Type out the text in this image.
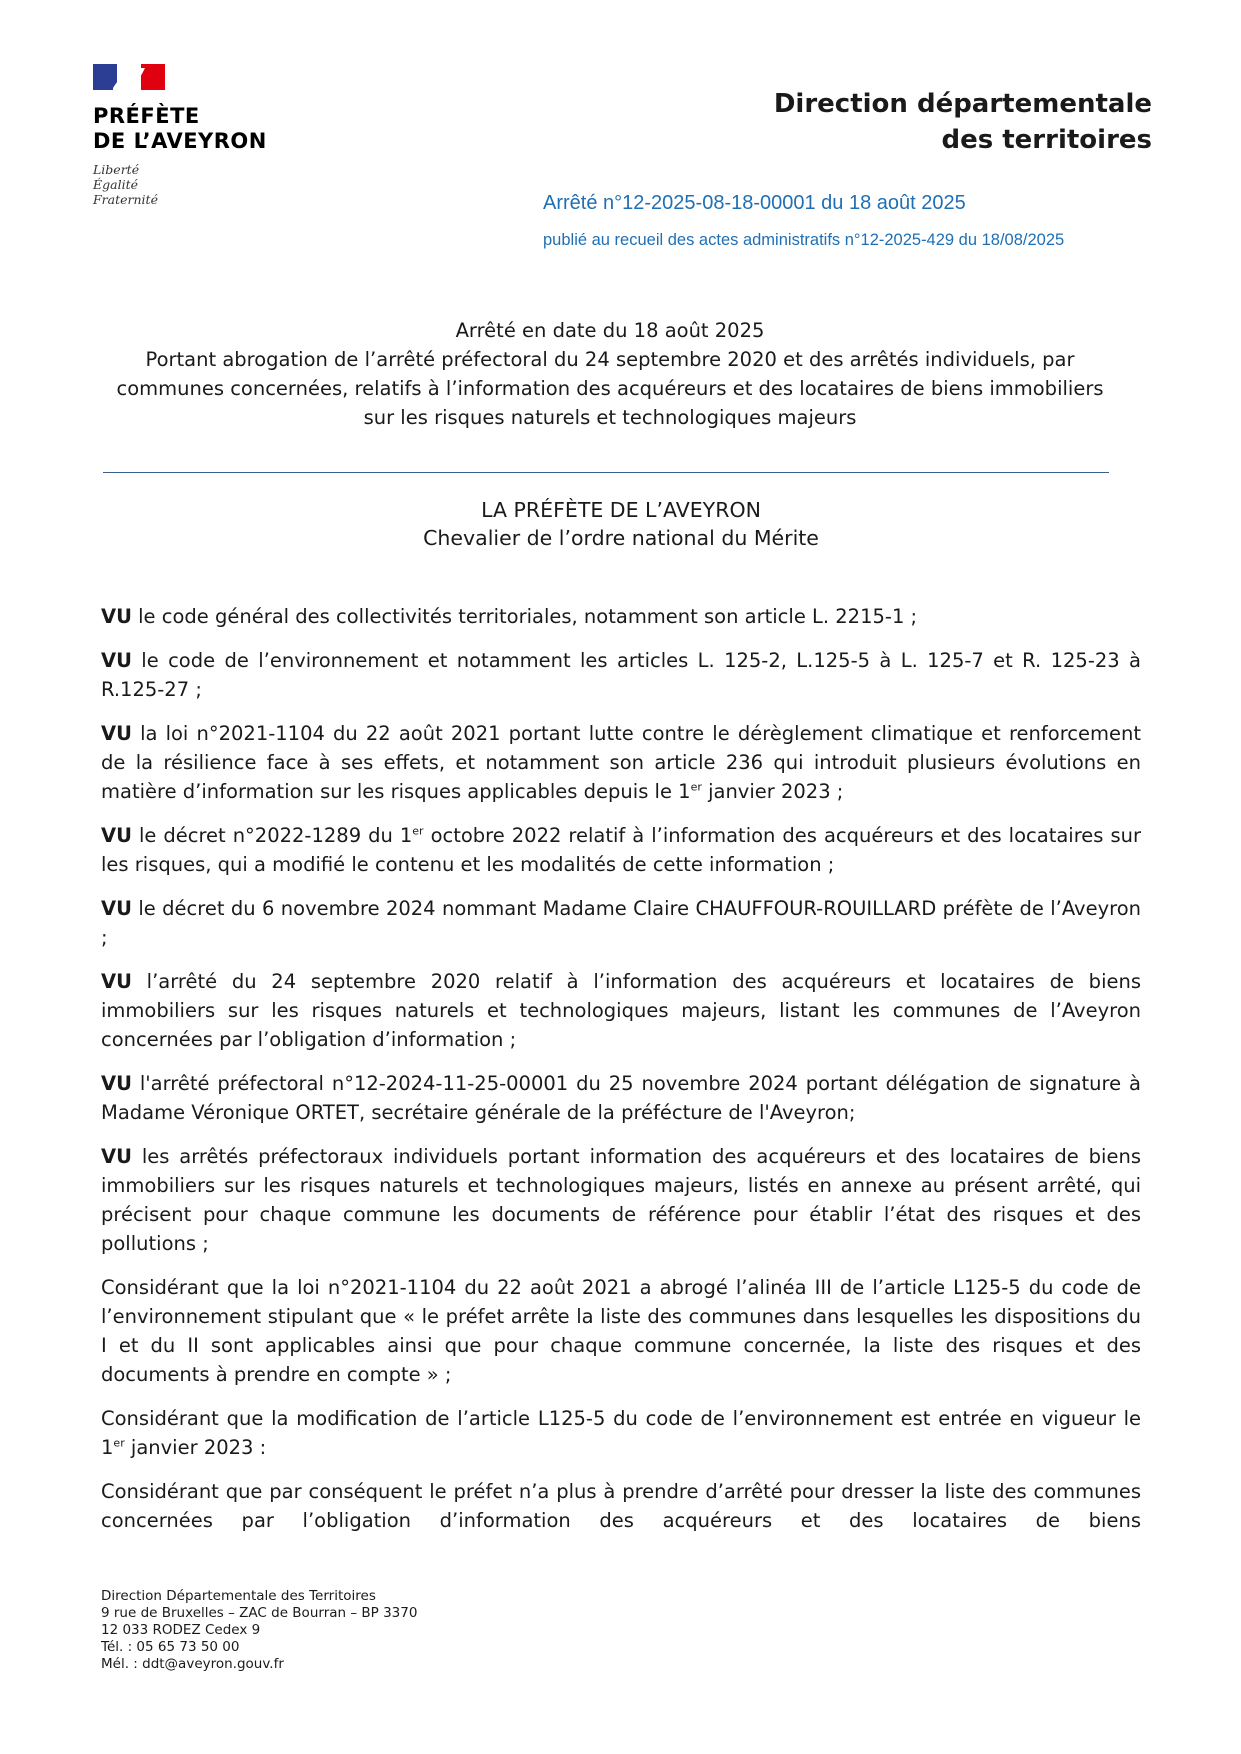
PRÉFÈTE
DE L’AVEYRON
Liberté
Égalité
Fraternité
Direction départementale
des territoires
Arrêté n°12-2025-08-18-00001 du 18 août 2025
publié au recueil des actes administratifs n°12-2025-429 du 18/08/2025
Arrêté en date du 18 août 2025
Portant abrogation de l’arrêté préfectoral du 24 septembre 2020 et des arrêtés individuels, par communes concernées, relatifs à l’information des acquéreurs et des locataires de biens immobiliers sur les risques naturels et technologiques majeurs
LA PRÉFÈTE DE L’AVEYRON
Chevalier de l’ordre national du Mérite

VU le code général des collectivités territoriales, notamment son article L. 2215-1 ;

VU le code de l’environnement et notamment les articles L. 125-2, L.125-5 à L. 125-7 et R. 125-23 à R.125-27 ;

VU la loi n°2021-1104 du 22 août 2021 portant lutte contre le dérèglement climatique et renforcement de la résilience face à ses effets, et notamment son article 236 qui introduit plusieurs évolutions en matière d’information sur les risques applicables depuis le 1er janvier 2023 ;

VU le décret n°2022-1289 du 1er octobre 2022 relatif à l’information des acquéreurs et des locataires sur les risques, qui a modifié le contenu et les modalités de cette information ;

VU le décret du 6 novembre 2024 nommant Madame Claire CHAUFFOUR-ROUILLARD préfète de l’Aveyron ;

VU l’arrêté du 24 septembre 2020 relatif à l’information des acquéreurs et locataires de biens immobiliers sur les risques naturels et technologiques majeurs, listant les communes de l’Aveyron concernées par l’obligation d’information ;

VU l'arrêté préfectoral n°12-2024-11-25-00001 du 25 novembre 2024 portant délégation de signature à Madame Véronique ORTET, secrétaire générale de la préfécture de l'Aveyron;

VU les arrêtés préfectoraux individuels portant information des acquéreurs et des locataires de biens immobiliers sur les risques naturels et technologiques majeurs, listés en annexe au présent arrêté, qui précisent pour chaque commune les documents de référence pour établir l’état des risques et des pollutions ;

Considérant que la loi n°2021-1104 du 22 août 2021 a abrogé l’alinéa III de l’article L125-5 du code de l’environnement stipulant que « le préfet arrête la liste des communes dans lesquelles les dispositions du I et du II sont applicables ainsi que pour chaque commune concernée, la liste des risques et des documents à prendre en compte » ;

Considérant que la modification de l’article L125-5 du code de l’environnement est entrée en vigueur le 1er janvier 2023 :

Considérant que par conséquent le préfet n’a plus à prendre d’arrêté pour dresser la liste des communes concernées par l’obligation d’information des acquéreurs et des locataires de biens

Direction Départementale des Territoires
9 rue de Bruxelles – ZAC de Bourran – BP 3370
12 033 RODEZ Cedex 9
Tél. : 05 65 73 50 00
Mél. : ddt@aveyron.gouv.fr
